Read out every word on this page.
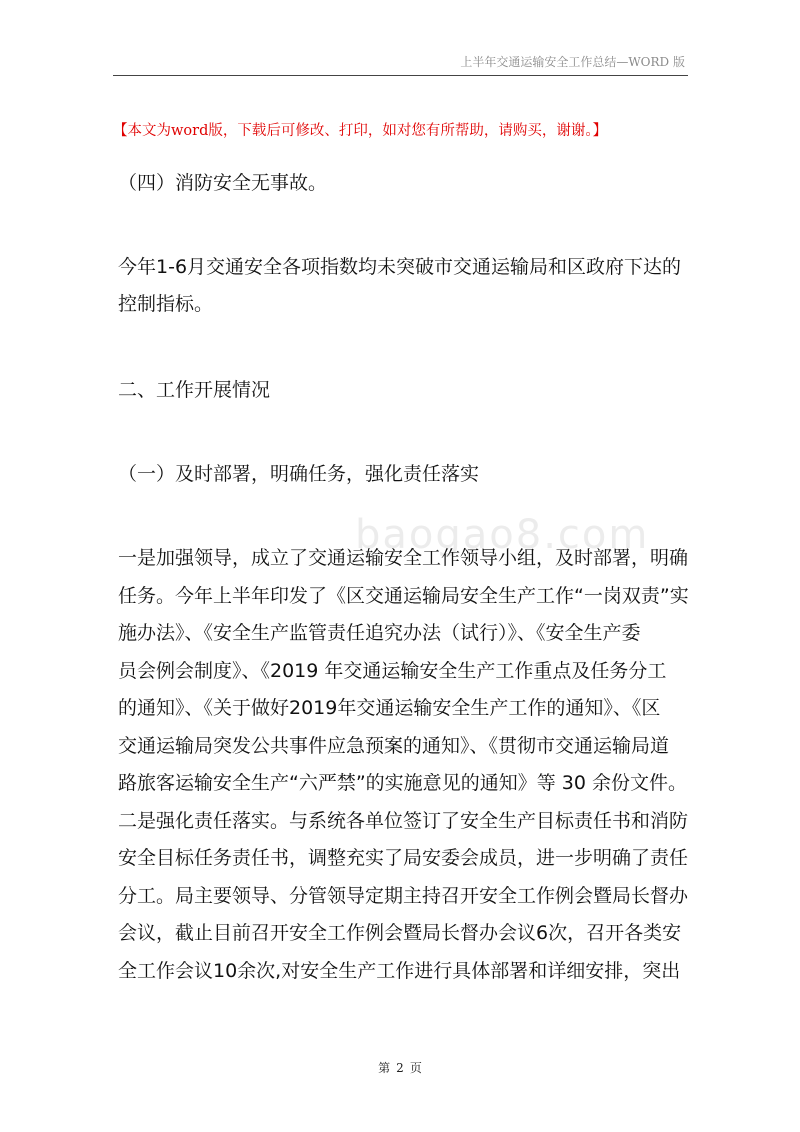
上半年交通运输安全工作总结—WORD 版
【本文为word版，下载后可修改、打印，如对您有所帮助，请购买，谢谢。】
baogao8.com
（四）消防安全无事故。
今年1-6月交通安全各项指数均未突破市交通运输局和区政府下达的
控制指标。
二、工作开展情况
（一）及时部署，明确任务，强化责任落实
一是加强领导，成立了交通运输安全工作领导小组，及时部署，明确
任务。今年上半年印发了《区交通运输局安全生产工作“一岗双责”实
施办法》、《安全生产监管责任追究办法（试行）》、《安全生产委
员会例会制度》、《2019 年交通运输安全生产工作重点及任务分工
的通知》、《关于做好2019年交通运输安全生产工作的通知》、《区
交通运输局突发公共事件应急预案的通知》、《贯彻市交通运输局道
路旅客运输安全生产“六严禁”的实施意见的通知》等 30 余份文件。
二是强化责任落实。与系统各单位签订了安全生产目标责任书和消防
安全目标任务责任书，调整充实了局安委会成员，进一步明确了责任
分工。局主要领导、分管领导定期主持召开安全工作例会暨局长督办
会议，截止目前召开安全工作例会暨局长督办会议6次，召开各类安
全工作会议10余次,对安全生产工作进行具体部署和详细安排，突出
第 2 页
